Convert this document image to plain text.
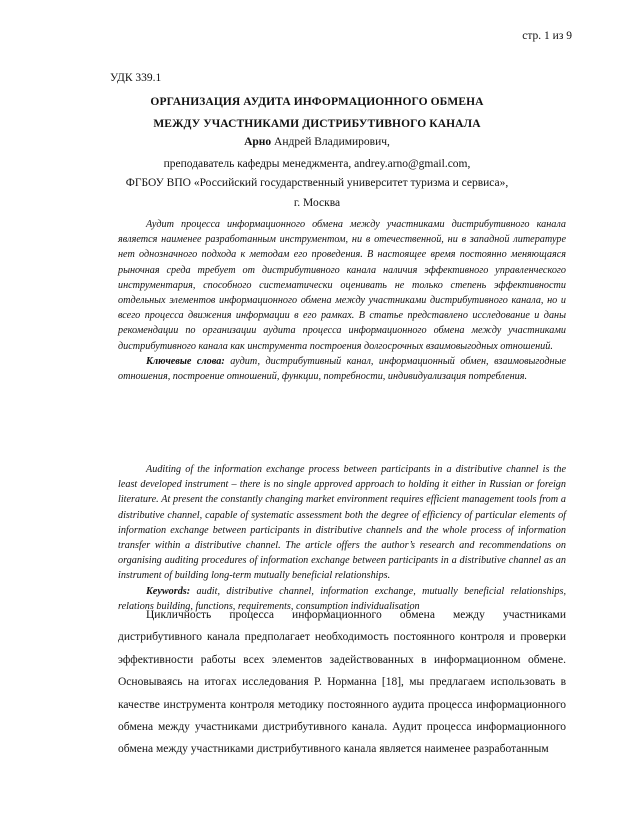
стр. 1 из 9
УДК 339.1
ОРГАНИЗАЦИЯ АУДИТА ИНФОРМАЦИОННОГО ОБМЕНА
МЕЖДУ УЧАСТНИКАМИ ДИСТРИБУТИВНОГО КАНАЛА
Арно Андрей Владимирович,
преподаватель кафедры менеджмента, andrey.arno@gmail.com,
ФГБОУ ВПО «Российский государственный университет туризма и сервиса»,
г. Москва

Аудит процесса информационного обмена между участниками дистрибутивного канала является наименее разработанным инструментом, ни в отечественной, ни в западной литературе нет однозначного подхода к методам его проведения. В настоящее время постоянно меняющаяся рыночная среда требует от дистрибутивного канала наличия эффективного управленческого инструментария, способного систематически оценивать не только степень эффективности отдельных элементов информационного обмена между участниками дистрибутивного канала, но и всего процесса движения информации в его рамках. В статье представлено исследование и даны рекомендации по организации аудита процесса информационного обмена между участниками дистрибутивного канала как инструмента построения долгосрочных взаимовыгодных отношений.

Ключевые слова: аудит, дистрибутивный канал, информационный обмен, взаимовыгодные отношения, построение отношений, функции, потребности, индивидуализация потребления.

Auditing of the information exchange process between participants in a distributive channel is the least developed instrument – there is no single approved approach to holding it either in Russian or foreign literature. At present the constantly changing market environment requires efficient management tools from a distributive channel, capable of systematic assessment both the degree of efficiency of particular elements of information exchange between participants in distributive channels and the whole process of information transfer within a distributive channel. The article offers the author’s research and recommendations on organising auditing procedures of information exchange between participants in a distributive channel as an instrument of building long-term mutually beneficial relationships.

Keywords: audit, distributive channel, information exchange, mutually beneficial relationships, relations building, functions, requirements, consumption individualisation

Цикличность процесса информационного обмена между участниками дистрибутивного канала предполагает необходимость постоянного контроля и проверки эффективности работы всех элементов задействованных в информационном обмене. Основываясь на итогах исследования Р. Норманна [18], мы предлагаем использовать в качестве инструмента контроля методику постоянного аудита процесса информационного обмена между участниками дистрибутивного канала. Аудит процесса информационного обмена между участниками дистрибутивного канала является наименее разработанным
